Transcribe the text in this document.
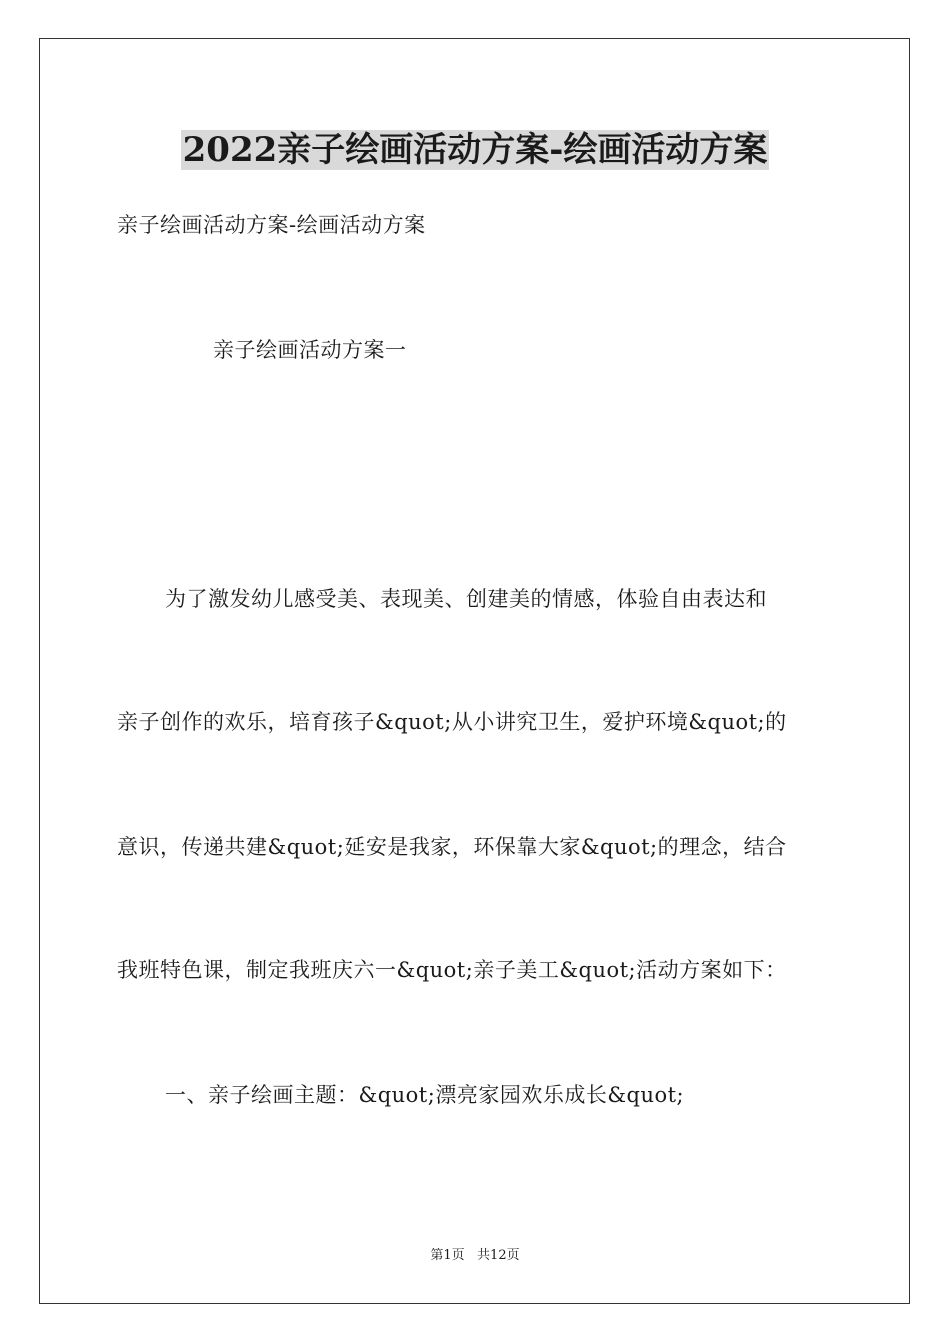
2022亲子绘画活动方案-绘画活动方案
亲子绘画活动方案-绘画活动方案
亲子绘画活动方案一
为了激发幼儿感受美、表现美、创建美的情感，体验自由表达和
亲子创作的欢乐，培育孩子&quot;从小讲究卫生，爱护环境&quot;的
意识，传递共建&quot;延安是我家，环保靠大家&quot;的理念，结合
我班特色课，制定我班庆六一&quot;亲子美工&quot;活动方案如下：
一、亲子绘画主题：&quot;漂亮家园欢乐成长&quot;
第1页   共12页
